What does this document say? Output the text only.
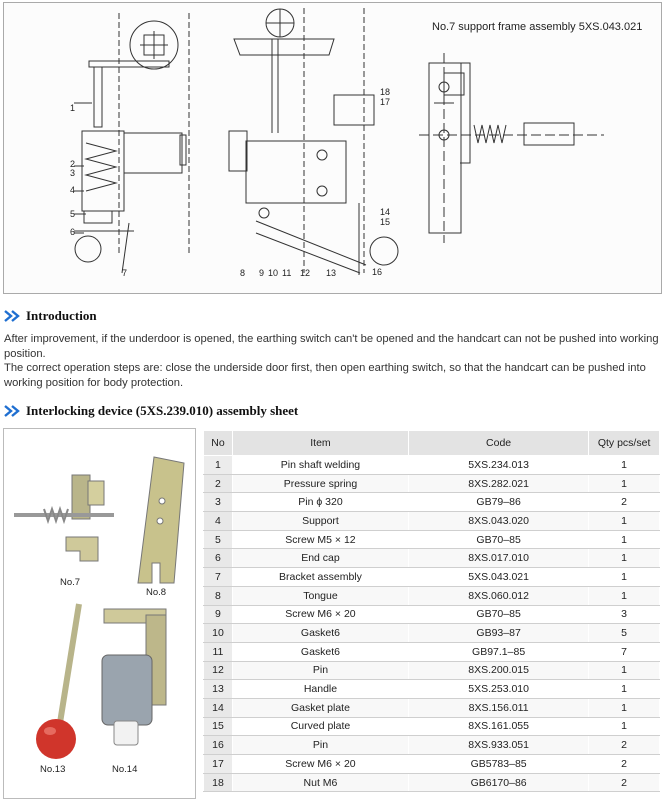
No.7 support frame assembly 5XS.043.021
1
2
3
4
5
6
7	8 9 10 11 12 13	16
18
17
14
15
Introduction
After improvement, if the underdoor is opened, the earthing switch can't be opened and the handcart can not be pushed into working position.
The correct operation steps are: close the underside door first, then open earthing switch, so that the handcart can be pushed into working position for body protection.
Interlocking device (5XS.239.010) assembly sheet
No.7
No.8
No.13	No.14
No	Item	Code	Qty pcs/set
1	Pin shaft welding	5XS.234.013	1
2	Pressure spring	8XS.282.021	1
3	Pin ϕ 320	GB79–86	2
4	Support	8XS.043.020	1
5	Screw M5 × 12	GB70–85	1
6	End cap	8XS.017.010	1
7	Bracket assembly	5XS.043.021	1
8	Tongue	8XS.060.012	1
9	Screw M6 × 20	GB70–85	3
10	Gasket6	GB93–87	5
11	Gasket6	GB97.1–85	7
12	Pin	8XS.200.015	1
13	Handle	5XS.253.010	1
14	Gasket plate	8XS.156.011	1
15	Curved plate	8XS.161.055	1
16	Pin	8XS.933.051	2
17	Screw M6 × 20	GB5783–85	2
18	Nut M6	GB6170–86	2
